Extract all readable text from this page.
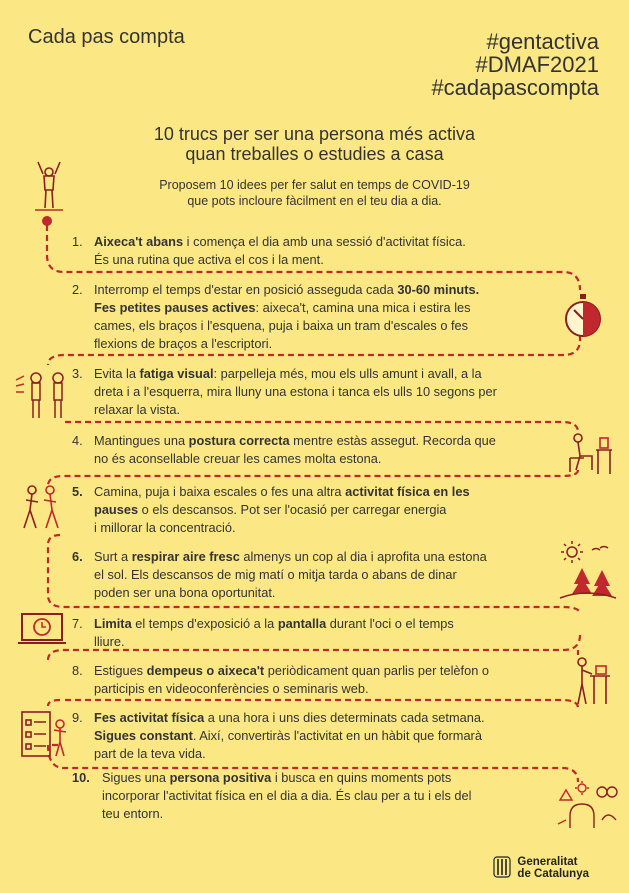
Cada pas compta	#gentactiva
#DMAF2021
#cadapascompta
10 trucs per ser una persona més activa
quan treballes o estudies a casa
Proposem 10 idees per fer salut en temps de COVID-19
que pots incloure fàcilment en el teu dia a dia.
1. Aixeca't abans i comença el dia amb una sessió d'activitat física.
És una rutina que activa el cos i la ment.
2. Interromp el temps d'estar en posició asseguda cada 30-60 minuts.
Fes petites pauses actives: aixeca't, camina una mica i estira les
cames, els braços i l'esquena, puja i baixa un tram d'escales o fes
flexions de braços a l'escriptori.
3. Evita la fatiga visual: parpelleja més, mou els ulls amunt i avall, a la
dreta i a l'esquerra, mira lluny una estona i tanca els ulls 10 segons per
relaxar la vista.
4. Mantingues una postura correcta mentre estàs assegut. Recorda que
no és aconsellable creuar les cames molta estona.
5. Camina, puja i baixa escales o fes una altra activitat física en les
pauses o els descansos. Pot ser l'ocasió per carregar energia
i millorar la concentració.
6. Surt a respirar aire fresc almenys un cop al dia i aprofita una estona
el sol. Els descansos de mig matí o mitja tarda o abans de dinar
poden ser una bona oportunitat.
7. Limita el temps d'exposició a la pantalla durant l'oci o el temps
lliure.
8. Estigues dempeus o aixeca't periòdicament quan parlis per telèfon o
participis en videoconferències o seminaris web.
9. Fes activitat física a una hora i uns dies determinats cada setmana.
Sigues constant. Així, convertiràs l'activitat en un hàbit que formarà
part de la teva vida.
10. Sigues una persona positiva i busca en quins moments pots
incorporar l'activitat física en el dia a dia. És clau per a tu i els del
teu entorn.
Generalitat
de Catalunya
